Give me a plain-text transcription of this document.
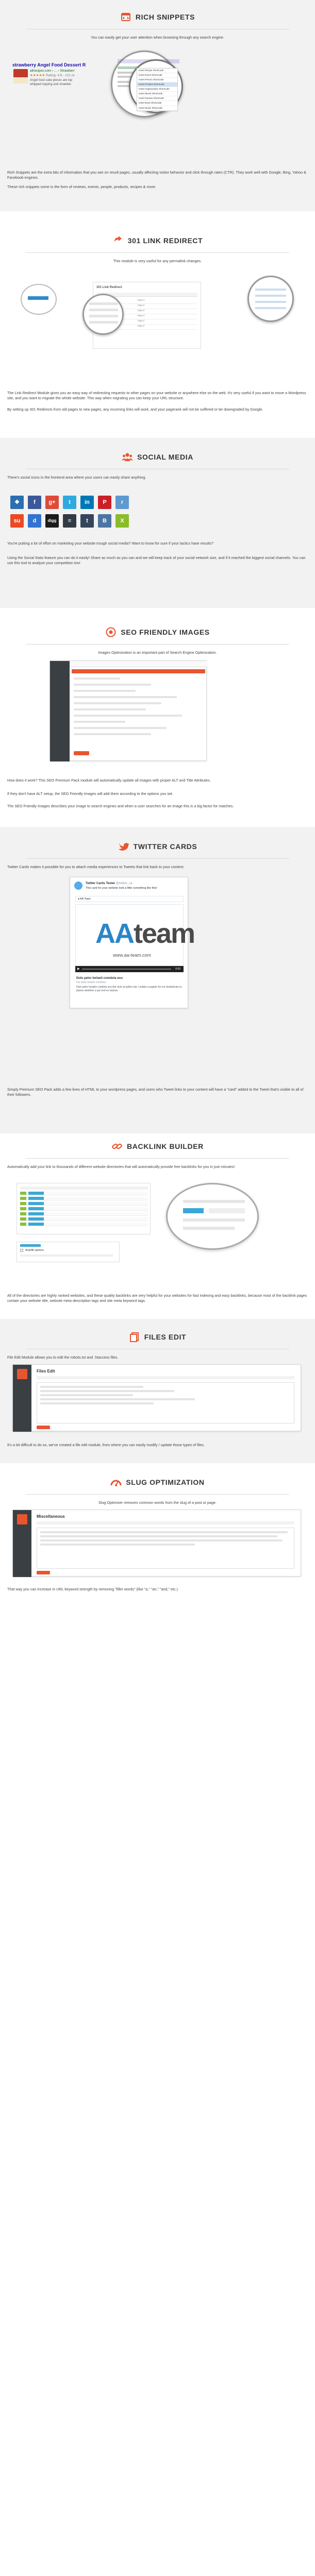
RICH SNIPPETS
You can easily get your user attention when browsing through any search engine.
strawberry Angel Food Dessert R
allrecipes.com › ... › Strawberr
★★★★★ Rating: 4.6 - 121 re
Angel food cake pieces are top
whipped topping and strawber
Insert Recipe Shortcode
Insert Event Shortcode
Insert Person Shortcode
Insert Product Shortcode
Insert Organization Shortcode
Insert Movie Shortcode
Insert Review Shortcode
Insert Book Shortcode
Insert Music Shortcode
Rich Snippets are the extra bits of information that you see on result pages, usually affecting visitor behavior and click through rates (CTR). They work well with Google, Bing, Yahoo & Facebook engines.
These rich snippets come in the form of reviews, events, people, products, recipes & more.
301 LINK REDIRECT
This module is very useful for any permalink changes.
301 Link Redirect
https://
https://
https://
https://
https://
https://
The Link Redirect Module gives you an easy way of redirecting requests to other pages on your website or anywhere else on the web. It's very useful if you want to move a Wordpress site, and you want to migrate the whole website. This way when migrating you can keep your URL structure.
By setting up 301 Redirects from old pages to new pages, any incoming links will work, and your pagerank will not be suffered or be downgraded by Google.
SOCIAL MEDIA
There's social icons in the frontend area where your users can easily share anything.
❖ f g+ t in P	r
su d	digg ≡	t	B X
You're putting a lot of effort on marketing your website trough social media? Want to know for sure if your tactics have results?
Using the Social Stats feature you can do it easily! Share as much as you can and we will keep track of your social network size, and if it reached the biggest social channels. You can use this tool to analyze your competition too!
SEO FRIENDLY IMAGES
Images Optimization is an important part of Search Engine Optimization.
How does it work? This SEO Premium Pack module will automatically update all images with proper ALT and Title Attributes.
If they don't have ALT setup, the SEO Friendly Images will add them according to the options you set.
The SEO Friendly Images describes your image to search engines and when a user searches for an image this is a big factor for matches.
TWITTER CARDS
Twitter Cards makes it possible for you to attach media experiences to Tweets that link back to your content.
Twitter Cards Tester @twitter_ca
This card for your website look a little something like this!
● AA-Team
AAteam
www.aa-team.com
▶	0:00
Dolo pelor terlaeti comdota eou
Dui dolor terlaeti comdota
Dolo pelor templis condota eou Aar dolo at pellen tutr. Lindate a papele for eor dodedenta eu planes dedoltor u pai roof eo rephus.
Simply Premium SEO Pack adds a few lines of HTML to your wordpress pages, and users who Tweet links to your content will have a "card" added to the Tweet that's visible to all of their followers.
BACKLINK BUILDER
Automatically add your link to thousands of different website directories that will automatically provide free backlinks for you in just minutes!
Autofill options
All of the directories are highly ranked websites, and these quality backlinks are very helpful for your websites for fast indexing and easy backlinks, because most of the backlink pages contain your website title, website meta description tags and site meta keyword tags.
FILES EDIT
File Edit Module allows you to edit the robots.txt and .htaccess files.
Files Edit
It's a bit difficult to do so, we've created a file edit module, from where you can easily modify / update those types of files.
SLUG OPTIMIZATION
Slug Optimizer removes common words from the slug of a post or page.
Miscellaneous
That way you can increase in URL keyword strength by removing "filler words" (like "a," "an," "and," etc.)
